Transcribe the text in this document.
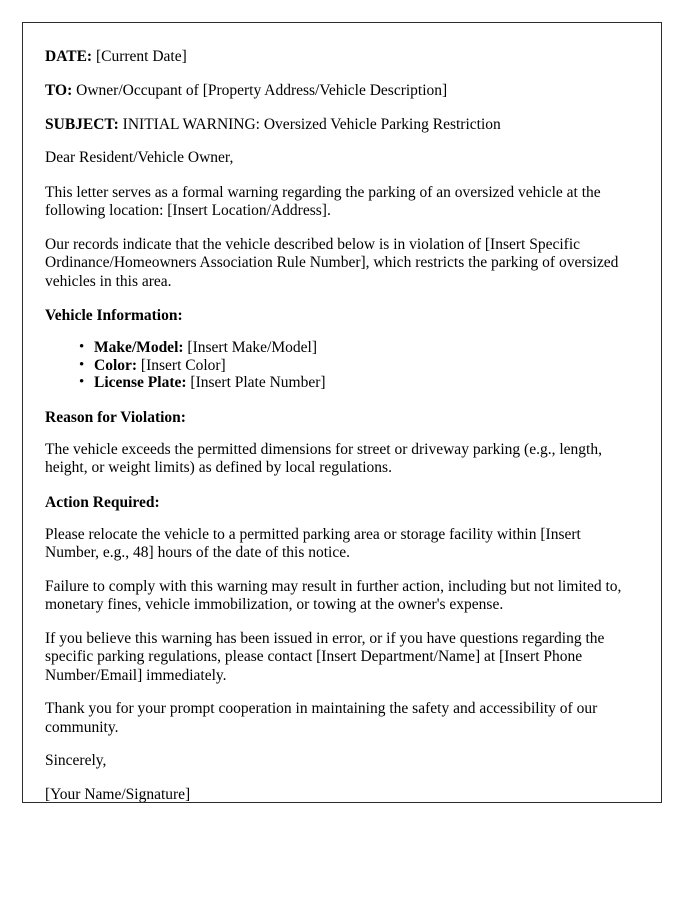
DATE: [Current Date]
TO: Owner/Occupant of [Property Address/Vehicle Description]
SUBJECT: INITIAL WARNING: Oversized Vehicle Parking Restriction

Dear Resident/Vehicle Owner,

This letter serves as a formal warning regarding the parking of an oversized vehicle at the following location: [Insert Location/Address].

Our records indicate that the vehicle described below is in violation of [Insert Specific Ordinance/Homeowners Association Rule Number], which restricts the parking of oversized vehicles in this area.

Vehicle Information:
• Make/Model: [Insert Make/Model]
• Color: [Insert Color]
• License Plate: [Insert Plate Number]
Reason for Violation:

The vehicle exceeds the permitted dimensions for street or driveway parking (e.g., length, height, or weight limits) as defined by local regulations.

Action Required:

Please relocate the vehicle to a permitted parking area or storage facility within [Insert Number, e.g., 48] hours of the date of this notice.

Failure to comply with this warning may result in further action, including but not limited to, monetary fines, vehicle immobilization, or towing at the owner's expense.

If you believe this warning has been issued in error, or if you have questions regarding the specific parking regulations, please contact [Insert Department/Name] at [Insert Phone Number/Email] immediately.

Thank you for your prompt cooperation in maintaining the safety and accessibility of our community.

Sincerely,

[Your Name/Signature]
